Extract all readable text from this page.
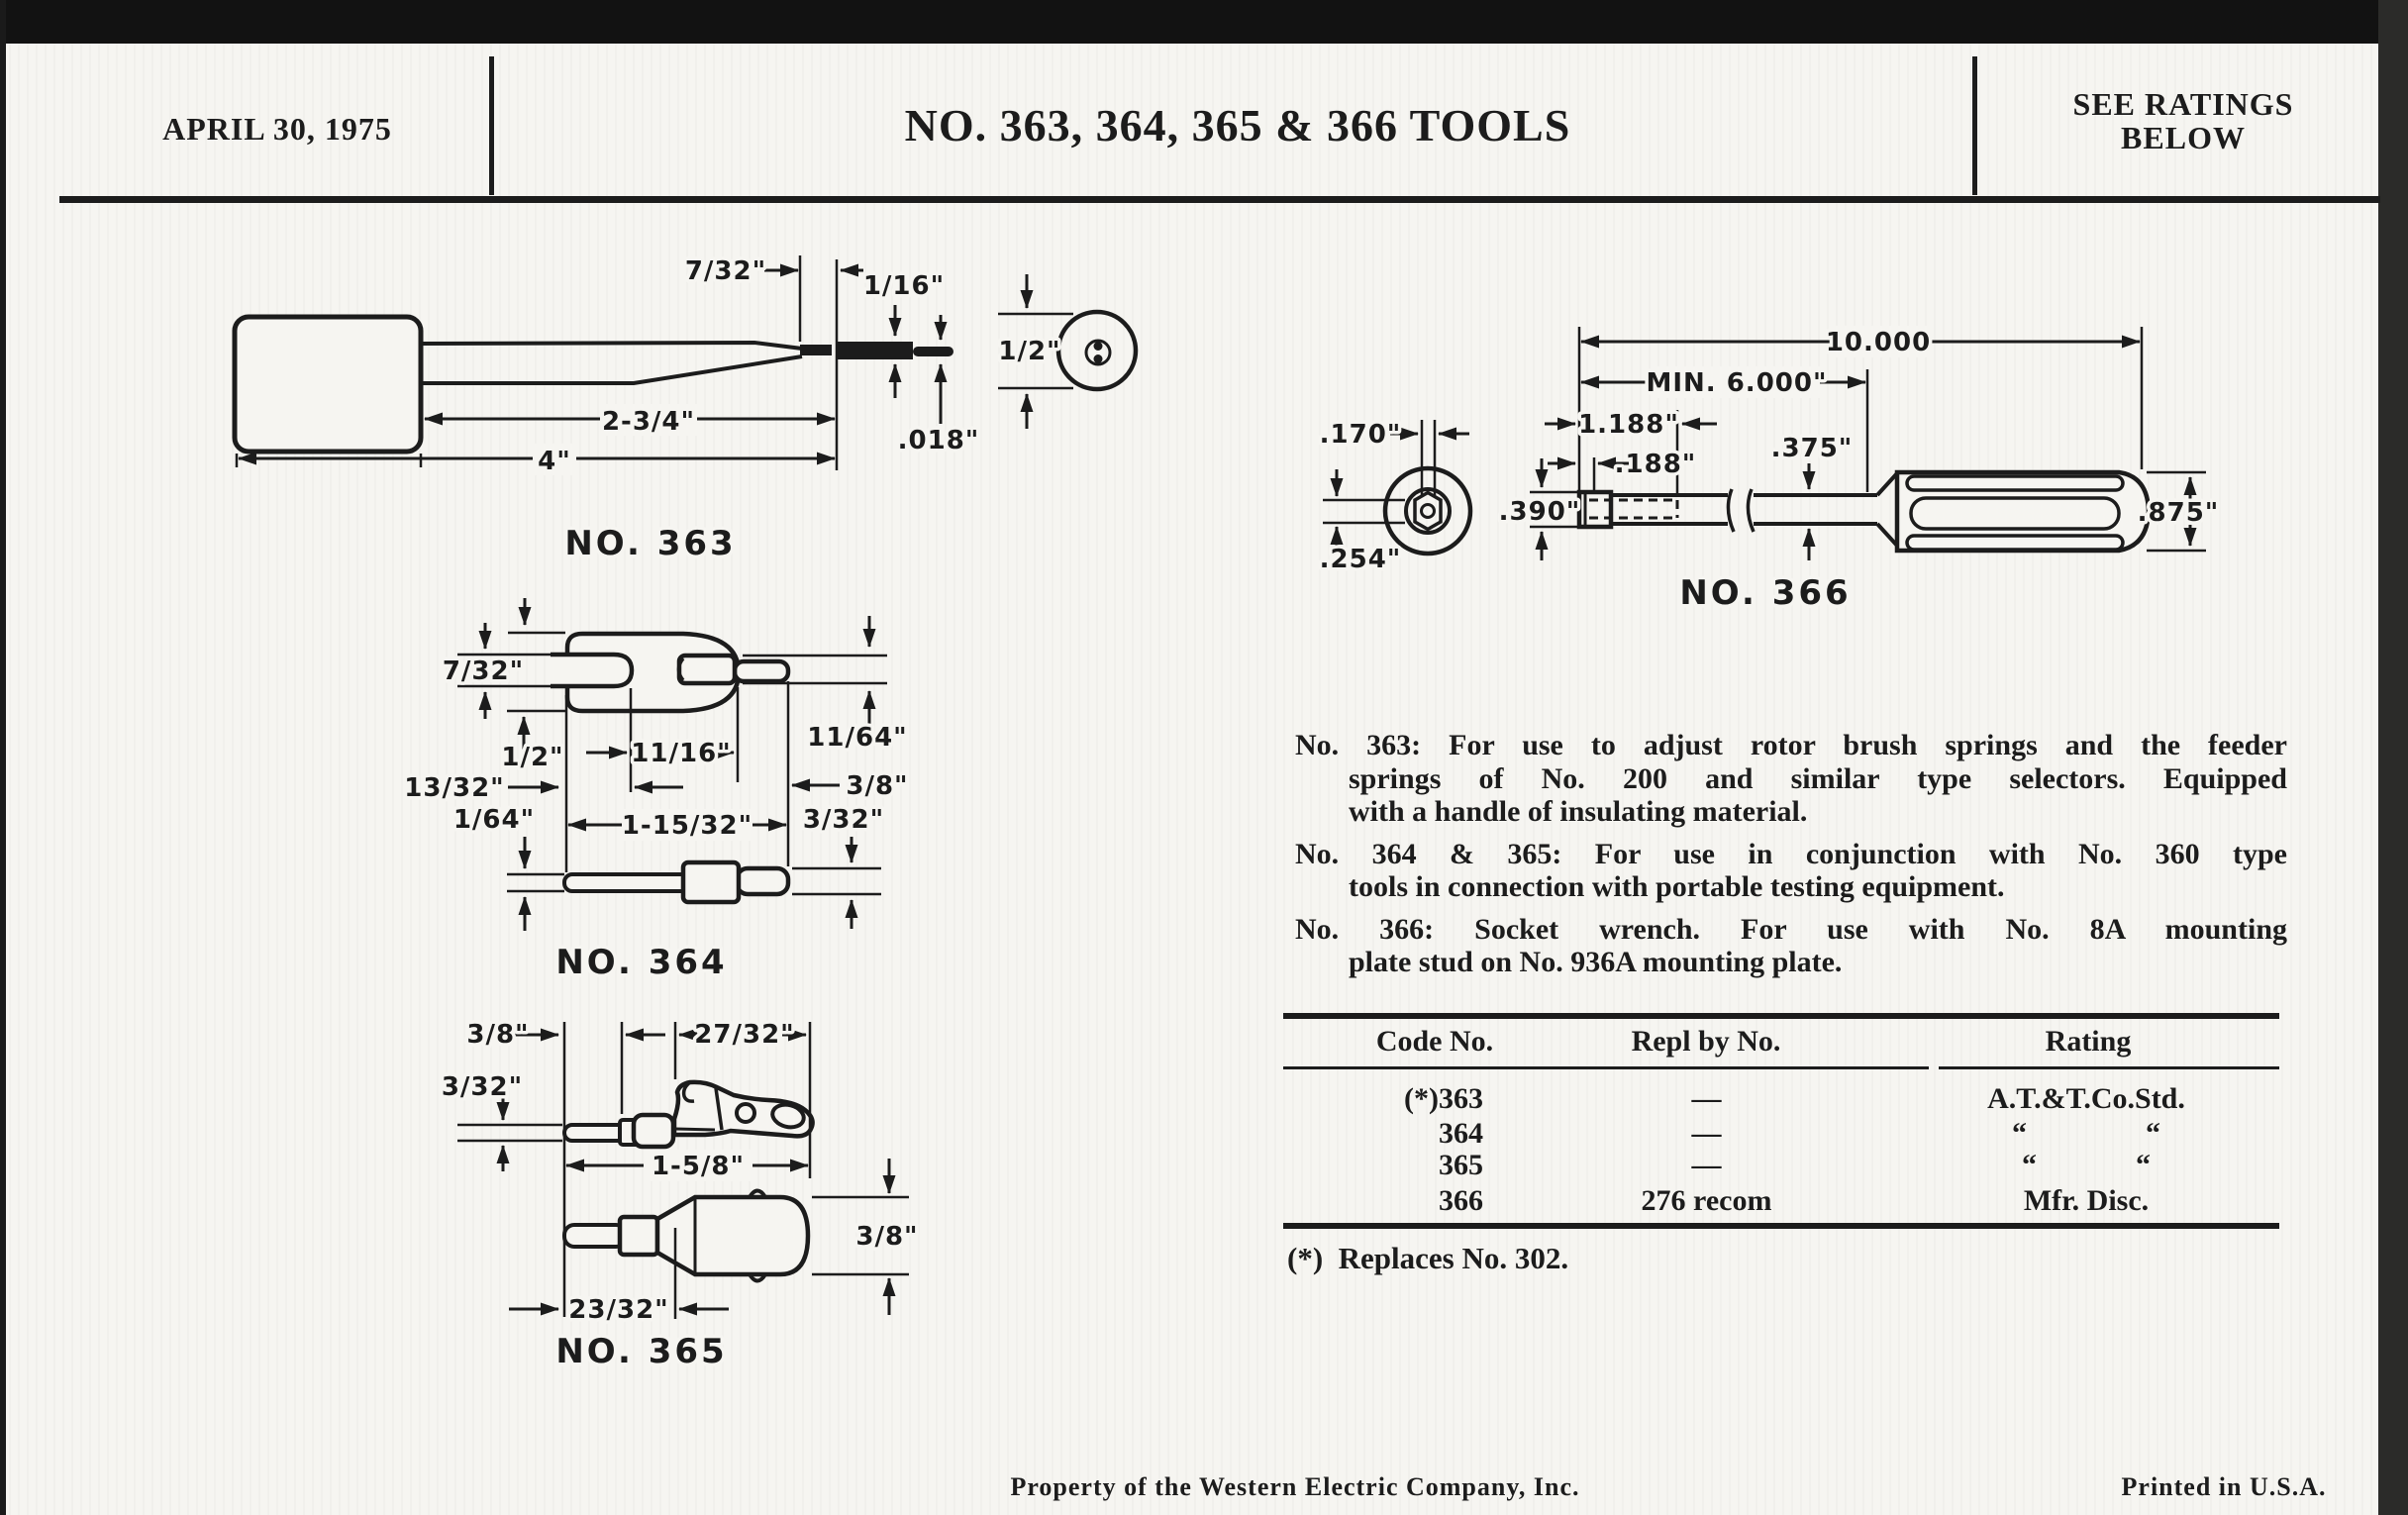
APRIL 30, 1975	NO. 363, 364, 365 & 366 TOOLS	SEE RATINGS
BELOW
7/32"	1/16"
1/2"
2-3/4"
4"
.018"
NO. 363
7/32"
1/2"
13/32"
1/64"
11/16"
11/64"
3/8"
3/32"
1-15/32"
NO. 364
3/8"
3/32"
27/32"
1-5/8"
3/8"
23/32"
NO. 365
10.000
MIN. 6.000"
1.188"
.188"
.375"
.390"
.170"
.254"
.875"
NO. 366
No. 363: For use to adjust rotor brush springs and the feeder
springs of No. 200 and similar type selectors. Equipped
with a handle of insulating material.
No. 364 & 365: For use in conjunction with No. 360 type
tools in connection with portable testing equipment.
No. 366: Socket wrench. For use with No. 8A mounting
plate stud on No. 936A mounting plate.
Code No.	Repl by No.	Rating
(*)363	—	A.T.&T.Co.Std.
364	—	“    “
365	—	“    “
366	276 recom	Mfr. Disc.
(*)  Replaces No. 302.
Property of the Western Electric Company, Inc.	Printed in U.S.A.
